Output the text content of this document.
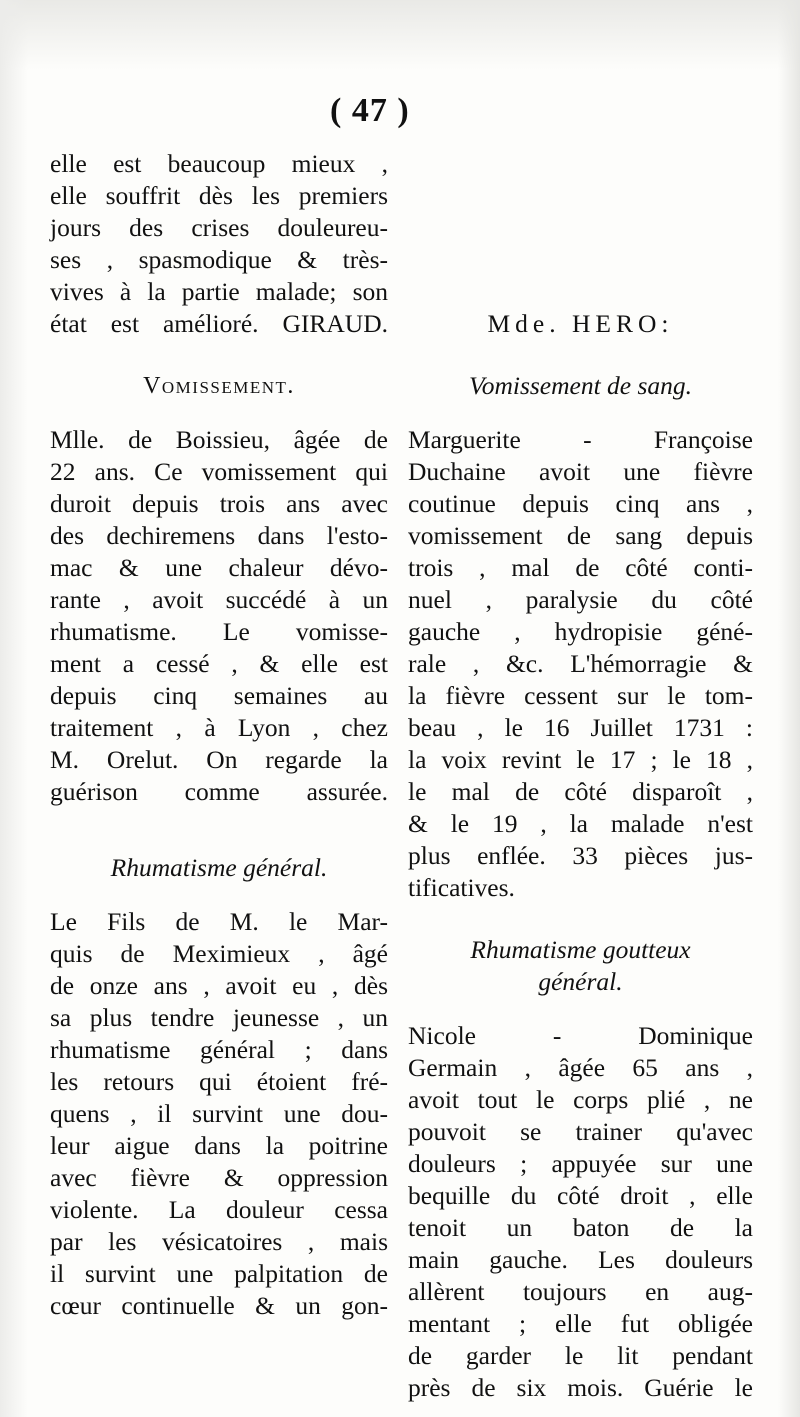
( 47 )
elle est beaucoup mieux ,
elle souffrit dès les premiers
jours des crises douleureu-
ses , spasmodique & très-
vives à la partie malade; son
état est amélioré. GIRAUD.
Vomissement.
Mlle. de Boissieu, âgée de
22 ans. Ce vomissement qui
duroit depuis trois ans avec
des dechiremens dans l'esto-
mac & une chaleur dévo-
rante , avoit succédé à un
rhumatisme. Le vomisse-
ment a cessé , & elle est
depuis cinq semaines au
traitement , à Lyon , chez
M. Orelut. On regarde la
guérison comme assurée.
Rhumatisme général.
Le Fils de M. le Mar-
quis de Meximieux , âgé
de onze ans , avoit eu , dès
sa plus tendre jeunesse , un
rhumatisme général ; dans
les retours qui étoient fré-
quens , il survint une dou-
leur aigue dans la poitrine
avec fièvre & oppression
violente. La douleur cessa
par les vésicatoires , mais
il survint une palpitation de
cœur continuelle & un gon-
Mde. HERO:
Vomissement de sang.
Marguerite - Françoise
Duchaine avoit une fièvre
coutinue depuis cinq ans ,
vomissement de sang depuis
trois , mal de côté conti-
nuel , paralysie du côté
gauche , hydropisie géné-
rale , &c. L'hémorragie &
la fièvre cessent sur le tom-
beau , le 16 Juillet 1731 :
la voix revint le 17 ; le 18 ,
le mal de côté disparoît ,
& le 19 , la malade n'est
plus enflée. 33 pièces jus-
tificatives.
Rhumatisme goutteux
général.
Nicole - Dominique
Germain , âgée 65 ans ,
avoit tout le corps plié , ne
pouvoit se trainer qu'avec
douleurs ; appuyée sur une
bequille du côté droit , elle
tenoit un baton de la
main gauche. Les douleurs
allèrent toujours en aug-
mentant ; elle fut obligée
de garder le lit pendant
près de six mois. Guérie le
